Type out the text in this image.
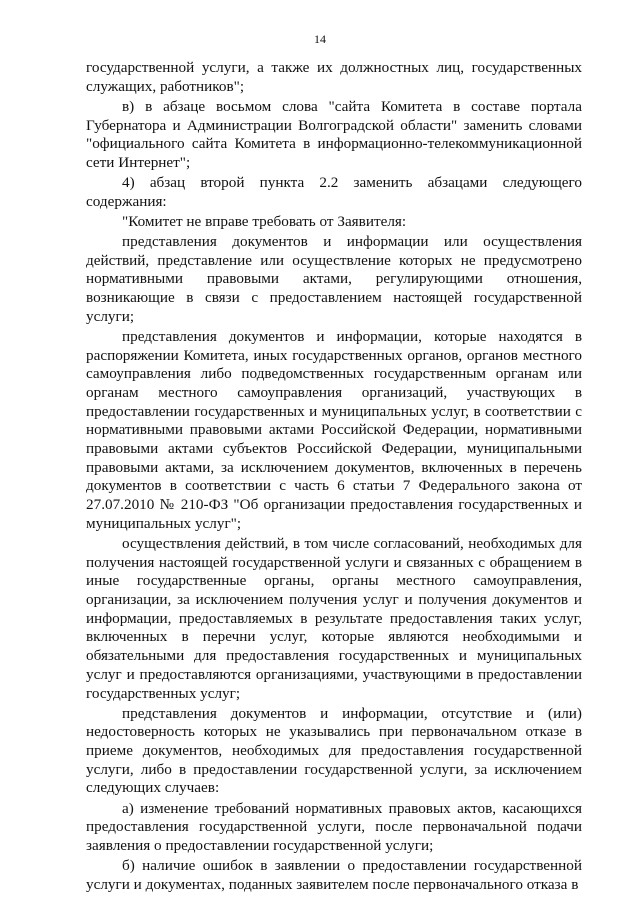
14

государственной услуги, а также их должностных лиц, государственных служащих, работников";

в) в абзаце восьмом слова "сайта Комитета в составе портала Губернатора и Администрации Волгоградской области" заменить словами "официального сайта Комитета в информационно-телекоммуникационной сети Интернет";

4) абзац второй пункта 2.2 заменить абзацами следующего содержания:

"Комитет не вправе требовать от Заявителя:

представления документов и информации или осуществления действий, представление или осуществление которых не предусмотрено нормативными правовыми актами, регулирующими отношения, возникающие в связи с предоставлением настоящей государственной услуги;

представления документов и информации, которые находятся в распоряжении Комитета, иных государственных органов, органов местного самоуправления либо подведомственных государственным органам или органам местного самоуправления организаций, участвующих в предоставлении государственных и муниципальных услуг, в соответствии с нормативными правовыми актами Российской Федерации, нормативными правовыми актами субъектов Российской Федерации, муниципальными правовыми актами, за исключением документов, включенных в перечень документов в соответствии с часть 6 статьи 7 Федерального закона от 27.07.2010 № 210-ФЗ "Об организации предоставления государственных и муниципальных услуг";

осуществления действий, в том числе согласований, необходимых для получения настоящей государственной услуги и связанных с обращением в иные государственные органы, органы местного самоуправления, организации, за исключением получения услуг и получения документов и информации, предоставляемых в результате предоставления таких услуг, включенных в перечни услуг, которые являются необходимыми и обязательными для предоставления государственных и муниципальных услуг и предоставляются организациями, участвующими в предоставлении государственных услуг;

представления документов и информации, отсутствие и (или) недостоверность которых не указывались при первоначальном отказе в приеме документов, необходимых для предоставления государственной услуги, либо в предоставлении государственной услуги, за исключением следующих случаев:

а) изменение требований нормативных правовых актов, касающихся предоставления государственной услуги, после первоначальной подачи заявления о предоставлении государственной услуги;

б) наличие ошибок в заявлении о предоставлении государственной услуги и документах, поданных заявителем после первоначального отказа в
